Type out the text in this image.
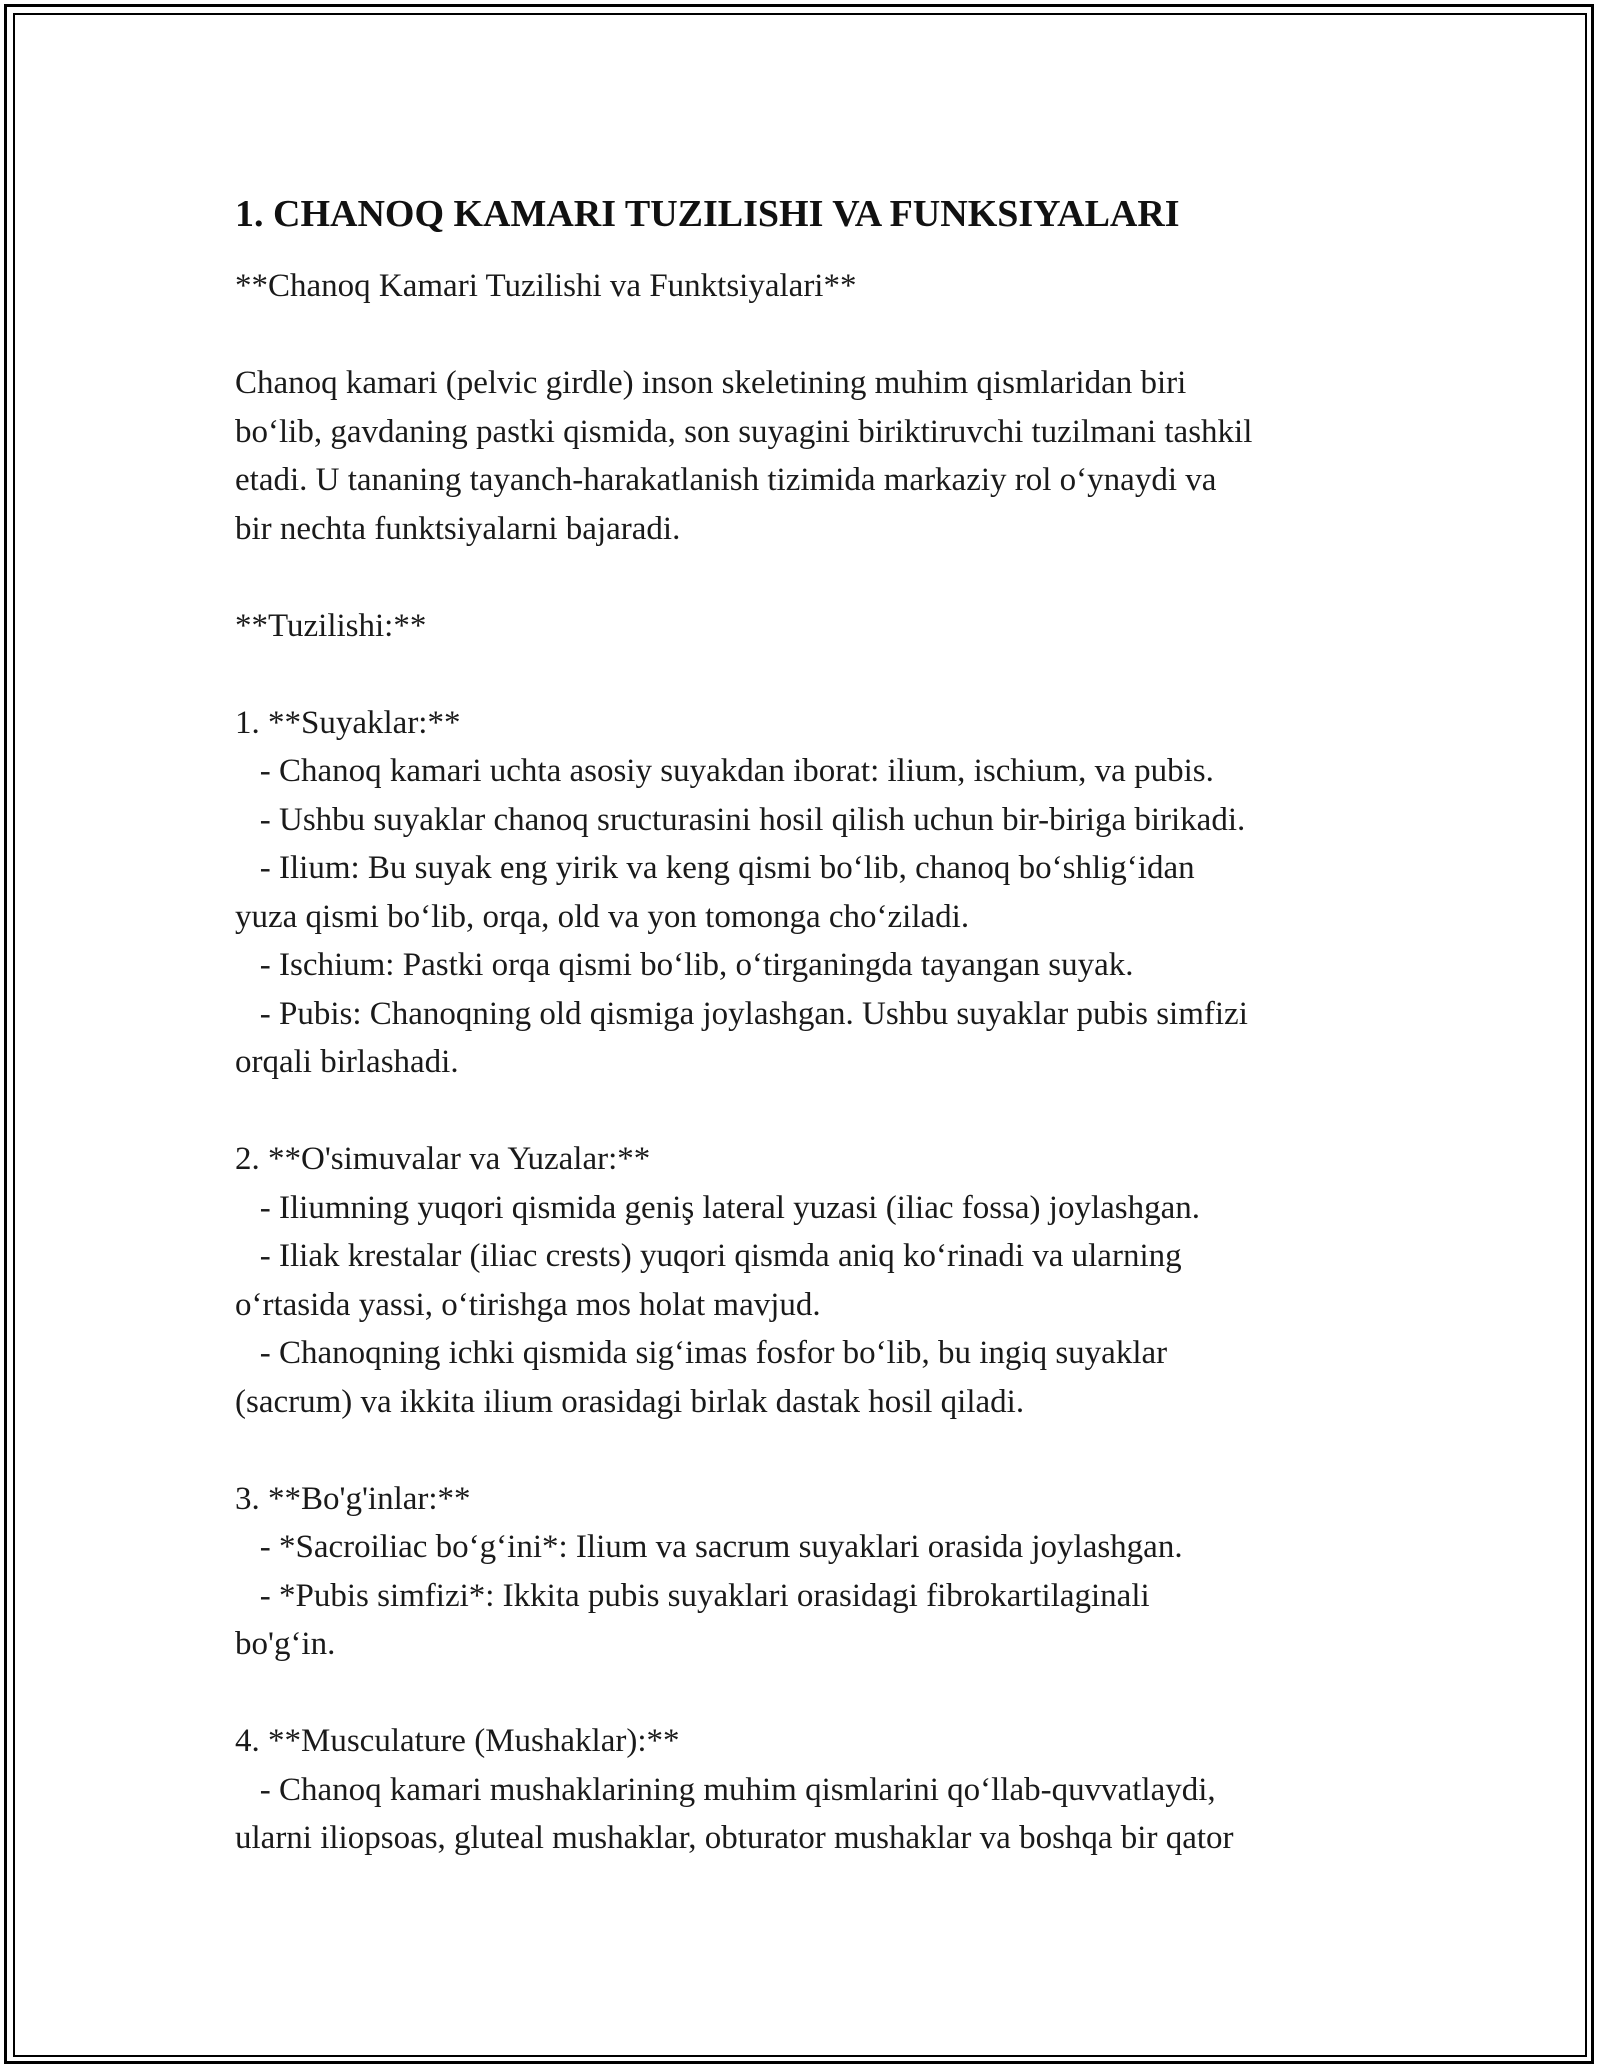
1. CHANOQ KAMARI TUZILISHI VA FUNKSIYALARI

**Chanoq Kamari Tuzilishi va Funktsiyalari**

Chanoq kamari (pelvic girdle) inson skeletining muhim qismlaridan biri

bo‘lib, gavdaning pastki qismida, son suyagini biriktiruvchi tuzilmani tashkil

etadi. U tananing tayanch-harakatlanish tizimida markaziy rol o‘ynaydi va

bir nechta funktsiyalarni bajaradi.

**Tuzilishi:**

1. **Suyaklar:**

- Chanoq kamari uchta asosiy suyakdan iborat: ilium, ischium, va pubis.

- Ushbu suyaklar chanoq sructurasini hosil qilish uchun bir-biriga birikadi.

- Ilium: Bu suyak eng yirik va keng qismi bo‘lib, chanoq bo‘shlig‘idan

yuza qismi bo‘lib, orqa, old va yon tomonga cho‘ziladi.

- Ischium: Pastki orqa qismi bo‘lib, o‘tirganingda tayangan suyak.

- Pubis: Chanoqning old qismiga joylashgan. Ushbu suyaklar pubis simfizi

orqali birlashadi.

2. **O'simuvalar va Yuzalar:**

- Iliumning yuqori qismida geniş lateral yuzasi (iliac fossa) joylashgan.

- Iliak krestalar (iliac crests) yuqori qismda aniq ko‘rinadi va ularning

o‘rtasida yassi, o‘tirishga mos holat mavjud.

- Chanoqning ichki qismida sig‘imas fosfor bo‘lib, bu ingiq suyaklar

(sacrum) va ikkita ilium orasidagi birlak dastak hosil qiladi.

3. **Bo'g'inlar:**

- *Sacroiliac bo‘g‘ini*: Ilium va sacrum suyaklari orasida joylashgan.

- *Pubis simfizi*: Ikkita pubis suyaklari orasidagi fibrokartilaginali

bo'g‘in.

4. **Musculature (Mushaklar):**

- Chanoq kamari mushaklarining muhim qismlarini qo‘llab-quvvatlaydi,

ularni iliopsoas, gluteal mushaklar, obturator mushaklar va boshqa bir qator
